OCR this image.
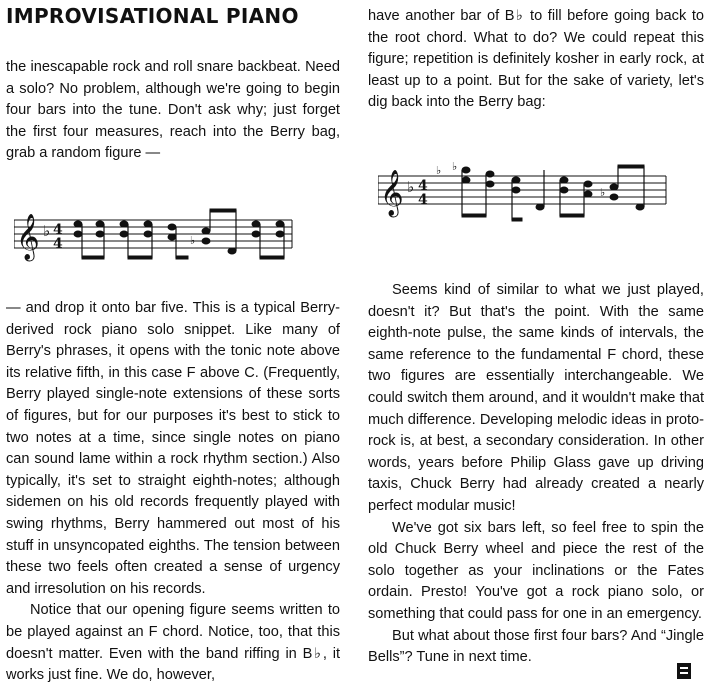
IMPROVISATIONAL PIANO

the inescapable rock and roll snare backbeat. Need a solo? No problem, although we're going to begin four bars into the tune. Don't ask why; just forget the first four measures, reach into the Berry bag, grab a random figure —

𝄞 ♭ 4
4	♭

— and drop it onto bar five. This is a typical Berry-derived rock piano solo snippet. Like many of Berry's phrases, it opens with the tonic note above its relative fifth, in this case F above C. (Frequently, Berry played single-note extensions of these sorts of figures, but for our purposes it's best to stick to two notes at a time, since single notes on piano can sound lame within a rock rhythm section.) Also typically, it's set to straight eighth-notes; although sidemen on his old records frequently played with swing rhythms, Berry hammered out most of his stuff in unsyncopated eighths. The tension between these two feels often created a sense of urgency and irresolution on his records.

Notice that our opening figure seems written to be played against an F chord. Notice, too, that this doesn't matter. Even with the band riffing in B♭, it works just fine. We do, however,

have another bar of B♭ to fill before going back to the root chord. What to do? We could repeat this figure; repetition is definitely kosher in early rock, at least up to a point. But for the sake of variety, let's dig back into the Berry bag:

𝄞 ♭ 4
4
♭ ♭
♭

Seems kind of similar to what we just played, doesn't it? But that's the point. With the same eighth-note pulse, the same kinds of intervals, the same reference to the fundamental F chord, these two figures are essentially interchangeable. We could switch them around, and it wouldn't make that much difference. Developing melodic ideas in proto-rock is, at best, a secondary consideration. In other words, years before Philip Glass gave up driving taxis, Chuck Berry had already created a nearly perfect modular music!

We've got six bars left, so feel free to spin the old Chuck Berry wheel and piece the rest of the solo together as your inclinations or the Fates ordain. Presto! You've got a rock piano solo, or something that could pass for one in an emergency.

But what about those first four bars? And “Jingle Bells”? Tune in next time.
